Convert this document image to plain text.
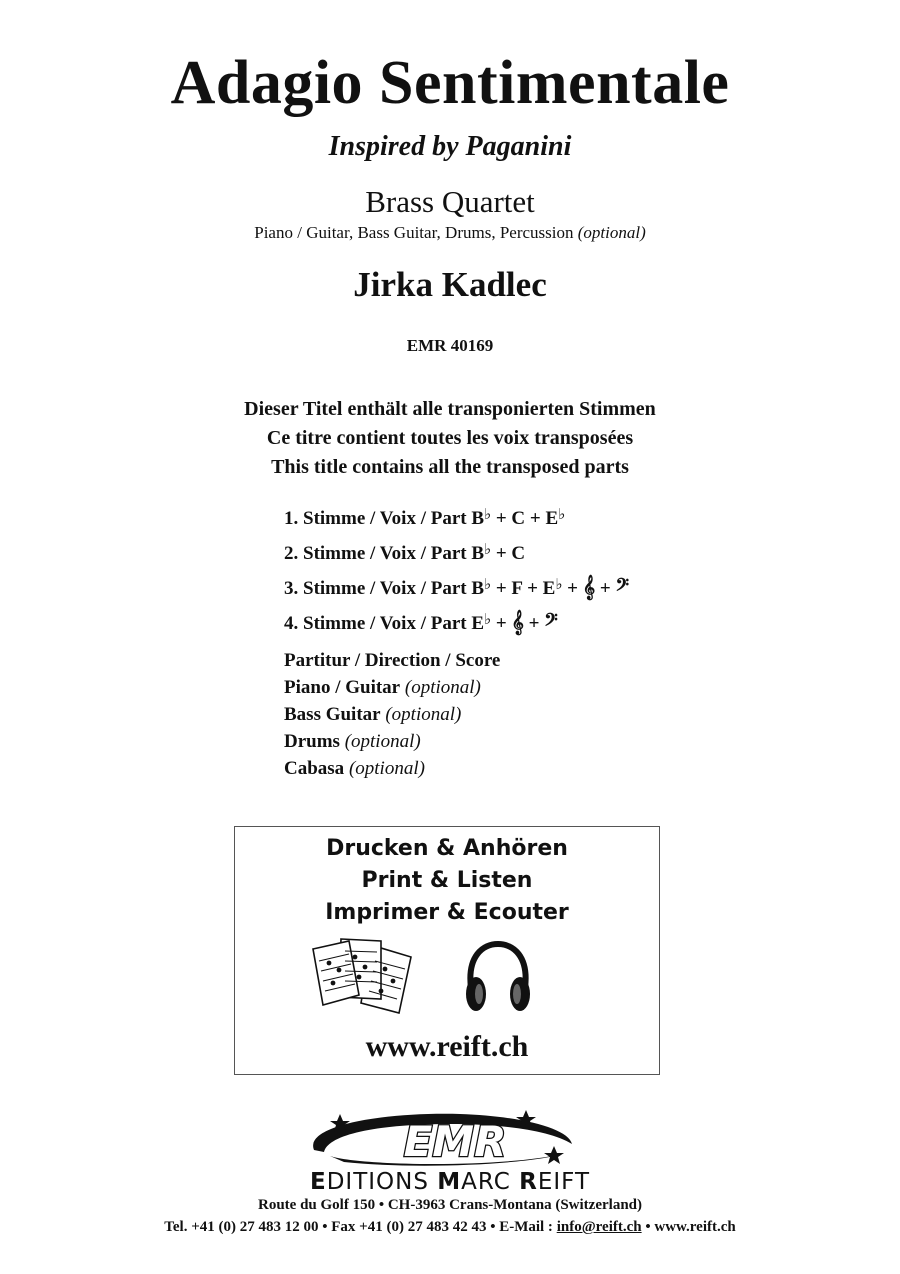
Adagio Sentimentale
Inspired by Paganini
Brass Quartet
Piano / Guitar, Bass Guitar, Drums, Percussion (optional)
Jirka Kadlec
EMR 40169
Dieser Titel enthält alle transponierten Stimmen
Ce titre contient toutes les voix transposées
This title contains all the transposed parts
1. Stimme / Voix / Part B♭ + C + E♭
2. Stimme / Voix / Part B♭ + C
3. Stimme / Voix / Part B♭ + F + E♭ + 𝄞 + 𝄢
4. Stimme / Voix / Part E♭ + 𝄞 + 𝄢
Partitur / Direction / Score
Piano / Guitar (optional)
Bass Guitar (optional)
Drums (optional)
Cabasa (optional)
Drucken & Anhören
Print & Listen
Imprimer & Ecouter
www.reift.ch
EMR
EDITIONS MARC REIFT
Route du Golf 150 • CH-3963 Crans-Montana (Switzerland)
Tel. +41 (0) 27 483 12 00 • Fax +41 (0) 27 483 42 43 • E-Mail : info@reift.ch • www.reift.ch
